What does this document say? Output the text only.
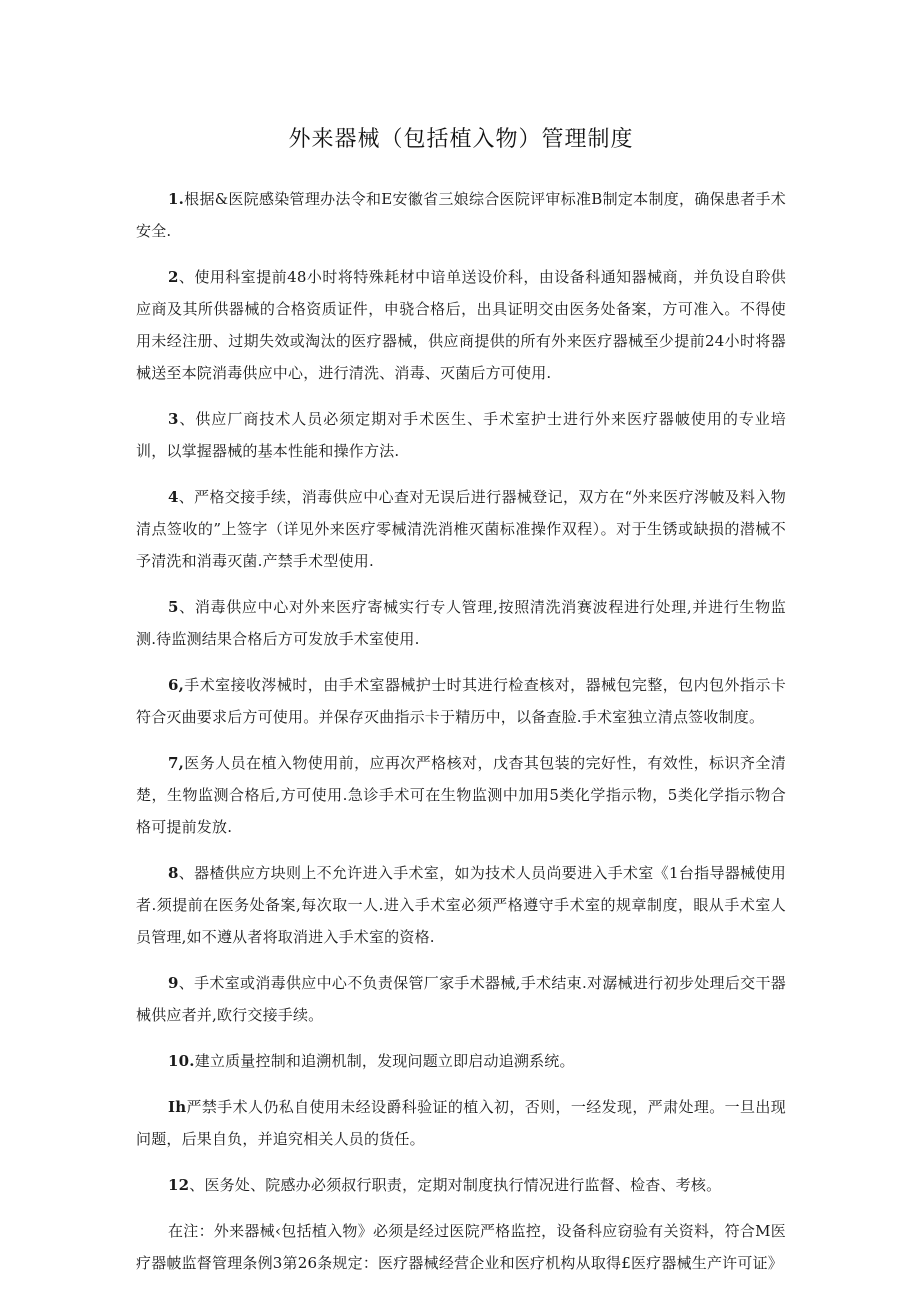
外来器械（包括植入物）管理制度

1.根据&医院感染管理办法令和E安徽省三娘综合医院评审标准B制定本制度，确保患者手术安全.

2、使用科室提前48小时将特殊耗材中谙单送设价科，由设备科通知器械商，并负设自聆供应商及其所供器械的合格资质证件，申骁合格后，出具证明交由医务处备案，方可准入。不得使用未经注册、过期失效或淘汰的医疗器械，供应商提供的所有外来医疗器械至少提前24小时将器械送至本院消毒供应中心，进行清洗、消毒、灭菌后方可使用.

3、供应厂商技术人员必须定期对手术医生、手术室护士进行外来医疗器帔使用的专业培训，以掌握器械的基本性能和操作方法.

4、严格交接手续，消毒供应中心查对无误后进行器械登记，双方在“外来医疗涔帔及料入物清点签收的”上签字（详见外来医疗零械清洗消椎灭菌标准操作双程）。对于生锈或缺损的潜械不予清洗和消毒灭菌.产禁手术型使用.

5、消毒供应中心对外来医疗寄械实行专人管理,按照清洗消赛波程进行处理,并进行生物监测.待监测结果合格后方可发放手术室使用.

6,手术室接收涔械时，由手术室器械护士时其进行检查核对，器械包完整，包内包外指示卡符合灭曲要求后方可使用。并保存灭曲指示卡于精历中，以备查脸.手术室独立清点签收制度。

7,医务人员在植入物使用前，应再次严格核对，戊杳其包装的完好性，有效性，标识齐全清楚，生物监测合格后,方可使用.急诊手术可在生物监测中加用5类化学指示物，5类化学指示物合格可提前发放.

8、器楂供应方块则上不允许进入手术室，如为技术人员尚要进入手术室《1台指导器械使用者.须提前在医务处备案,每次取一人.进入手术室必须严格遵守手术室的规章制度，眼从手术室人员管理,如不遵从者将取消进入手术室的资格.

9、手术室或消毒供应中心不负责保管厂家手术器械,手术结束.对潺械进行初步处理后交干器械供应者并,欧行交接手续。

10.建立质量控制和追溯机制，发现问题立即启动追溯系统。

Ih严禁手术人仍私自使用未经设爵科验证的植入初，否则，一经发现，严肃处理。一旦出现问题，后果自负，并追究相关人员的货任。

12、医务处、院感办必须叔行职责，定期对制度执行情况进行监督、检杳、考核。

在注：外来器械‹包括植入物》必须是经过医院严格监控，设备科应窃验有关资料，符合M医疗器帔监督管理条例3第26条规定：医疗器械经营企业和医疗机构从取得£医疗器械生产许可证》
